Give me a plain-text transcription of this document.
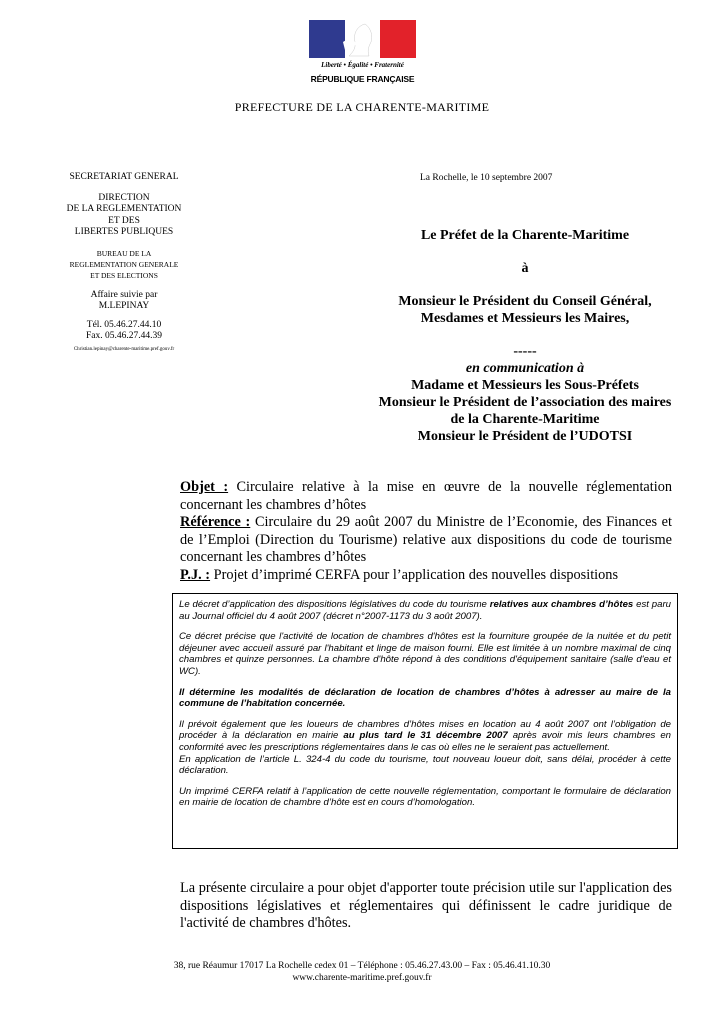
Liberté • Égalité • Fraternité
RÉPUBLIQUE FRANÇAISE
PREFECTURE DE LA CHARENTE-MARITIME
SECRETARIAT GENERAL
DIRECTION
DE LA REGLEMENTATION
ET DES
LIBERTES PUBLIQUES
BUREAU DE LA
REGLEMENTATION GENERALE
ET DES ELECTIONS
Affaire suivie par
M.LEPINAY
Tél. 05.46.27.44.10
Fax. 05.46.27.44.39
Christian.lepinay@charente-maritime.pref.gouv.fr
La Rochelle, le 10 septembre 2007

Le Préfet de la Charente-Maritime

à

Monsieur le Président du Conseil Général,

Mesdames et Messieurs les Maires,

-----

en communication à

Madame et Messieurs les Sous-Préfets

Monsieur le Président de l’association des maires

de la Charente-Maritime

Monsieur le Président de l’UDOTSI

Objet : Circulaire relative à la mise en œuvre de la nouvelle réglementation concernant les chambres d’hôtes

Référence : Circulaire du 29 août 2007 du Ministre de l’Economie, des Finances et de l’Emploi (Direction du Tourisme) relative aux dispositions du code de tourisme concernant les chambres d’hôtes

P.J. : Projet d’imprimé CERFA pour l’application des nouvelles dispositions

Le décret d’application des dispositions législatives du code du tourisme relatives aux chambres d’hôtes est paru au Journal officiel du 4 août 2007 (décret n°2007-1173 du 3 août 2007).

Ce décret précise que l'activité de location de chambres d'hôtes est la fourniture groupée de la nuitée et du petit déjeuner avec accueil assuré par l'habitant et linge de maison fourni. Elle est limitée à un nombre maximal de cinq chambres et quinze personnes. La chambre d'hôte répond à des conditions d'équipement sanitaire (salle d'eau et WC).

Il détermine les modalités de déclaration de location de chambres d’hôtes à adresser au maire de la commune de l’habitation concernée.

Il prévoit également que les loueurs de chambres d’hôtes mises en location au 4 août 2007 ont l’obligation de procéder à la déclaration en mairie au plus tard le 31 décembre 2007 après avoir mis leurs chambres en conformité avec les prescriptions réglementaires dans le cas où elles ne le seraient pas actuellement.

En application de l’article L. 324-4 du code du tourisme, tout nouveau loueur doit, sans délai, procéder à cette déclaration.

Un imprimé CERFA relatif à l’application de cette nouvelle réglementation, comportant le formulaire de déclaration en mairie de location de chambre d’hôte est en cours d’homologation.

La présente circulaire a pour objet d'apporter toute précision utile sur l'application des dispositions législatives et réglementaires qui définissent le cadre juridique de l'activité de chambres d'hôtes.
38, rue Réaumur 17017 La Rochelle cedex 01 – Téléphone : 05.46.27.43.00 – Fax : 05.46.41.10.30
www.charente-maritime.pref.gouv.fr
